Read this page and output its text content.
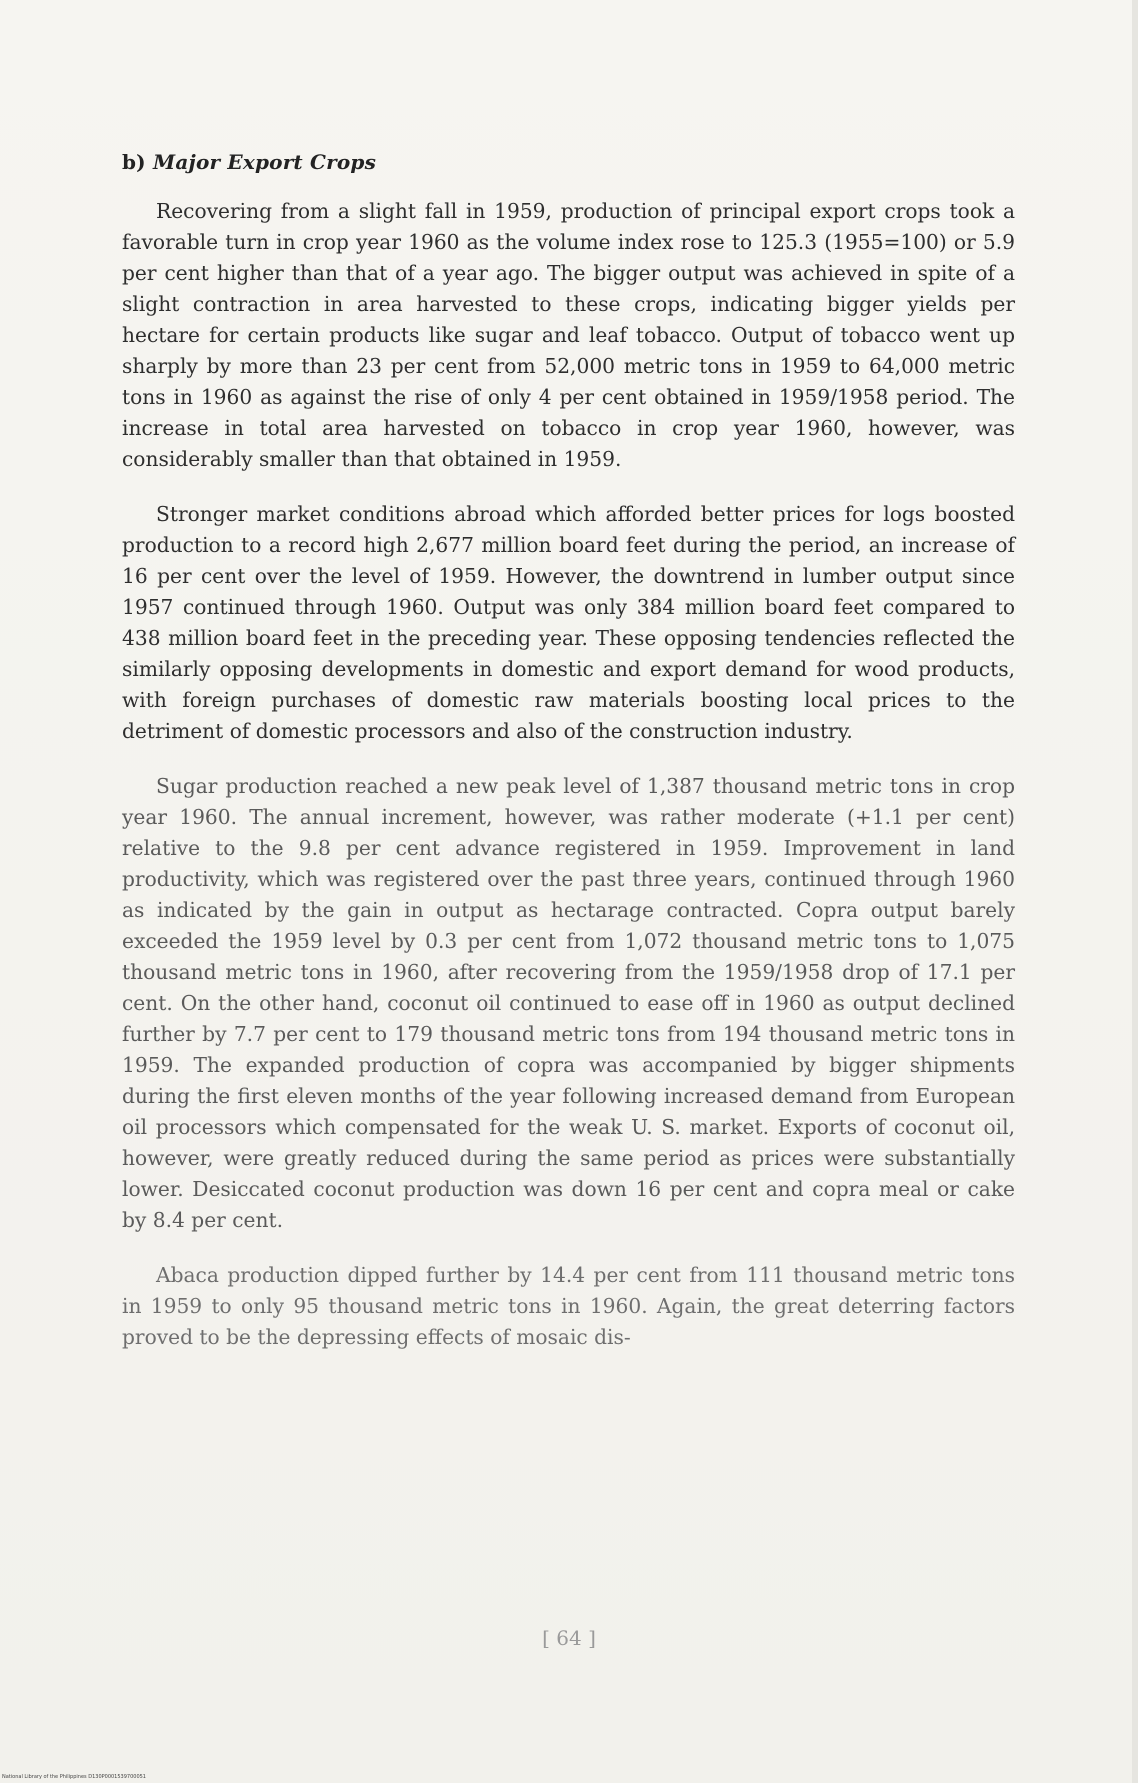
b) Major Export Crops

Recovering from a slight fall in 1959, production of principal export crops took a favorable turn in crop year 1960 as the volume index rose to 125.3 (1955=100) or 5.9 per cent higher than that of a year ago. The bigger output was achieved in spite of a slight contraction in area harvested to these crops, indicating bigger yields per hectare for certain products like sugar and leaf tobacco. Output of tobacco went up sharply by more than 23 per cent from 52,000 metric tons in 1959 to 64,000 metric tons in 1960 as against the rise of only 4 per cent obtained in 1959/1958 period. The increase in total area harvested on tobacco in crop year 1960, however, was considerably smaller than that obtained in 1959.

Stronger market conditions abroad which afforded better prices for logs boosted production to a record high 2,677 million board feet during the period, an increase of 16 per cent over the level of 1959. However, the downtrend in lumber output since 1957 continued through 1960. Output was only 384 million board feet compared to 438 million board feet in the preceding year. These opposing tendencies reflected the similarly opposing developments in domestic and export demand for wood products, with foreign purchases of domestic raw materials boosting local prices to the detriment of domestic processors and also of the construction industry.

Sugar production reached a new peak level of 1,387 thousand metric tons in crop year 1960. The annual increment, however, was rather moderate (+1.1 per cent) relative to the 9.8 per cent advance registered in 1959. Improvement in land productivity, which was registered over the past three years, continued through 1960 as indicated by the gain in output as hectarage contracted. Copra output barely exceeded the 1959 level by 0.3 per cent from 1,072 thousand metric tons to 1,075 thousand metric tons in 1960, after recovering from the 1959/1958 drop of 17.1 per cent. On the other hand, coconut oil continued to ease off in 1960 as output declined further by 7.7 per cent to 179 thousand metric tons from 194 thousand metric tons in 1959. The expanded production of copra was accompanied by bigger shipments during the first eleven months of the year following increased demand from European oil processors which compensated for the weak U. S. market. Exports of coconut oil, however, were greatly reduced during the same period as prices were substantially lower. Desiccated coconut production was down 16 per cent and copra meal or cake by 8.4 per cent.

Abaca production dipped further by 14.4 per cent from 111 thousand metric tons in 1959 to only 95 thousand metric tons in 1960. Again, the great deterring factors proved to be the depressing effects of mosaic dis-

[ 64 ]
National Library of the Philippines D130P0001539700051
